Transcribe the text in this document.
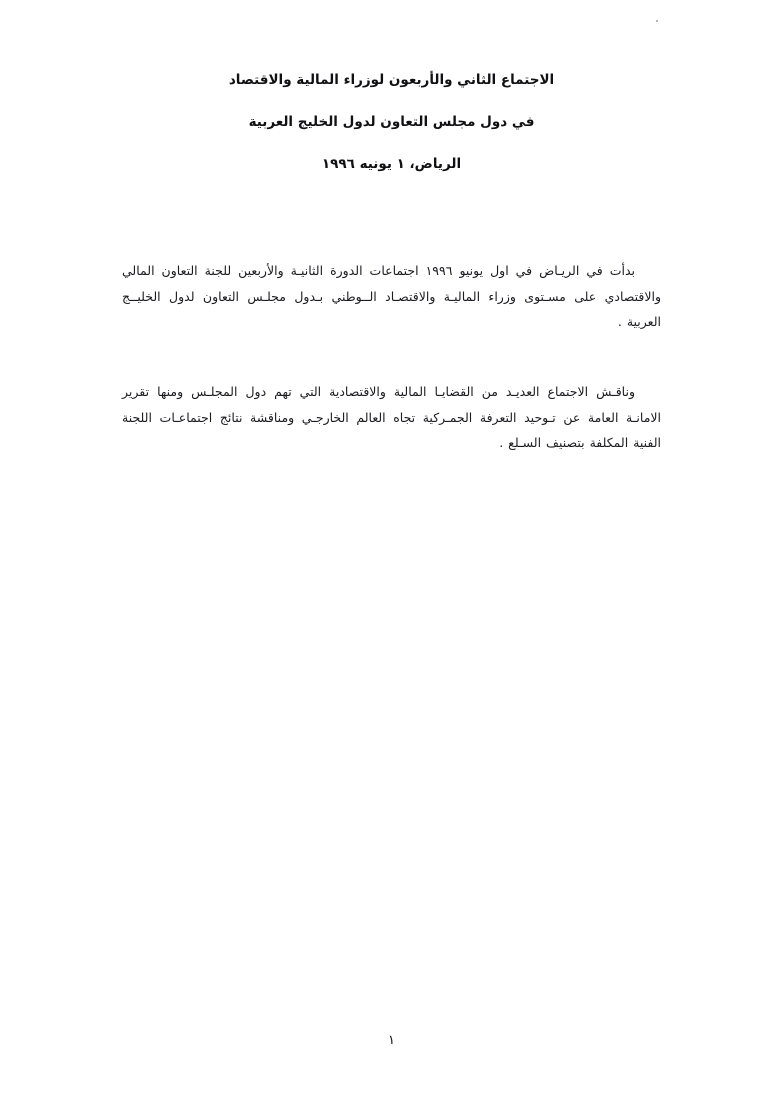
الاجتماع الثاني والأربعون لوزراء المالية والاقتصاد
في دول مجلس التعاون لدول الخليج العربية
الرياض، ١ يونيه ١٩٩٦

بدأت في الريـاض في اول يونيو ١٩٩٦ اجتماعات الدورة الثانيـة والأربعين للجنة التعاون المالي والاقتصادي على مسـتوى وزراء الماليـة والاقتصـاد الــوطني بـدول مجلـس التعاون لدول الخليــج العربية .

وناقـش الاجتماع العديـد من القضايـا المالية والاقتصادية التي تهم دول المجلـس ومنها تقرير الامانـة العامة عن تـوحيد التعرفة الجمـركية تجاه العالم الخارجـي ومناقشة نتائج اجتماعـات اللجنة الفنية المكلفة بتصنيف السـلع .

١
